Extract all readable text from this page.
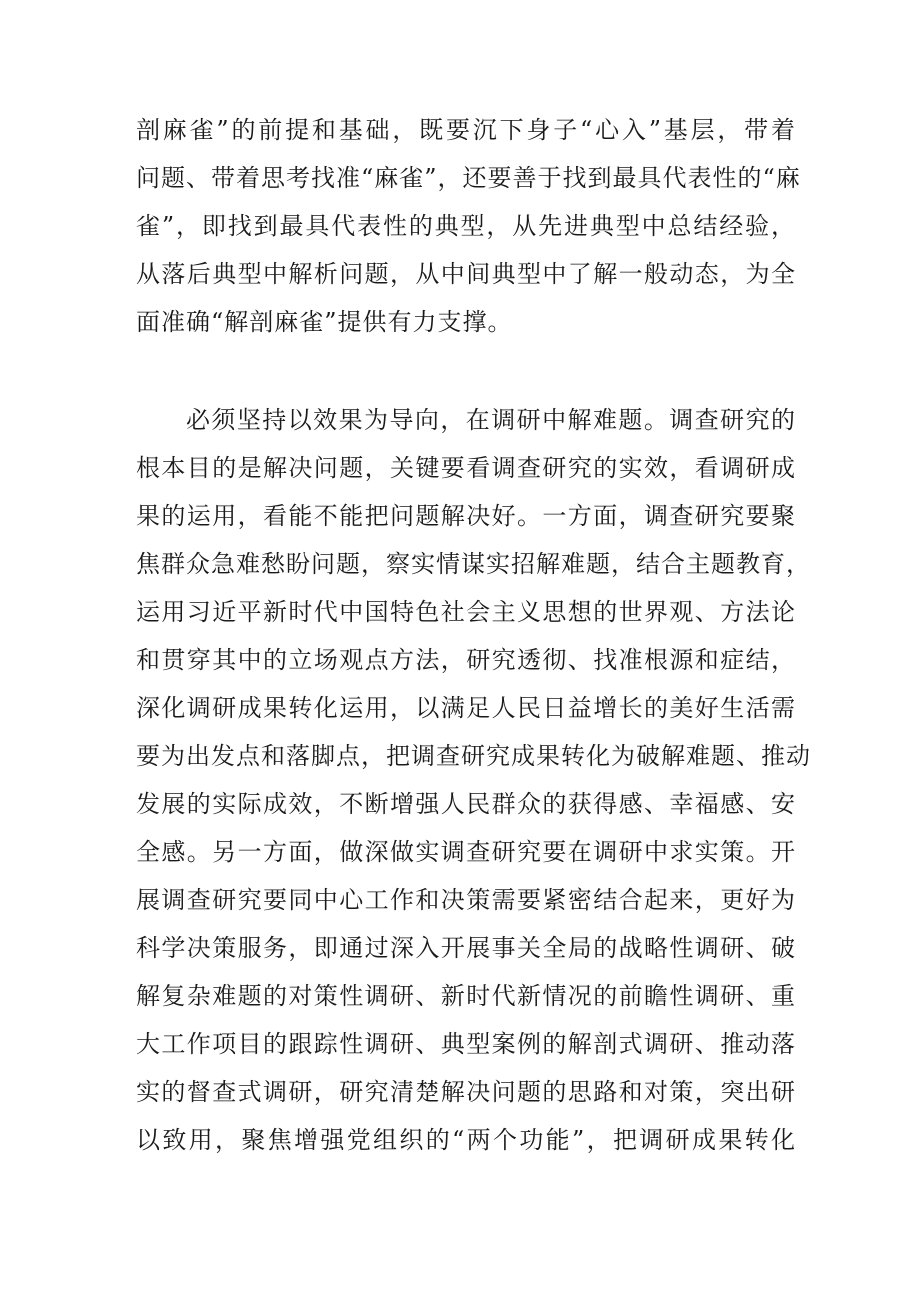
剖麻雀”的前提和基础，既要沉下身子“心入”基层，带着
问题、带着思考找准“麻雀”，还要善于找到最具代表性的“麻
雀”，即找到最具代表性的典型，从先进典型中总结经验，
从落后典型中解析问题，从中间典型中了解一般动态，为全
面准确“解剖麻雀”提供有力支撑。
必须坚持以效果为导向，在调研中解难题。调查研究的
根本目的是解决问题，关键要看调查研究的实效，看调研成
果的运用，看能不能把问题解决好。一方面，调查研究要聚
焦群众急难愁盼问题，察实情谋实招解难题，结合主题教育，
运用习近平新时代中国特色社会主义思想的世界观、方法论
和贯穿其中的立场观点方法，研究透彻、找准根源和症结，
深化调研成果转化运用，以满足人民日益增长的美好生活需
要为出发点和落脚点，把调查研究成果转化为破解难题、推动
发展的实际成效，不断增强人民群众的获得感、幸福感、安
全感。另一方面，做深做实调查研究要在调研中求实策。开
展调查研究要同中心工作和决策需要紧密结合起来，更好为
科学决策服务，即通过深入开展事关全局的战略性调研、破
解复杂难题的对策性调研、新时代新情况的前瞻性调研、重
大工作项目的跟踪性调研、典型案例的解剖式调研、推动落
实的督查式调研，研究清楚解决问题的思路和对策，突出研
以致用，聚焦增强党组织的“两个功能”，把调研成果转化
